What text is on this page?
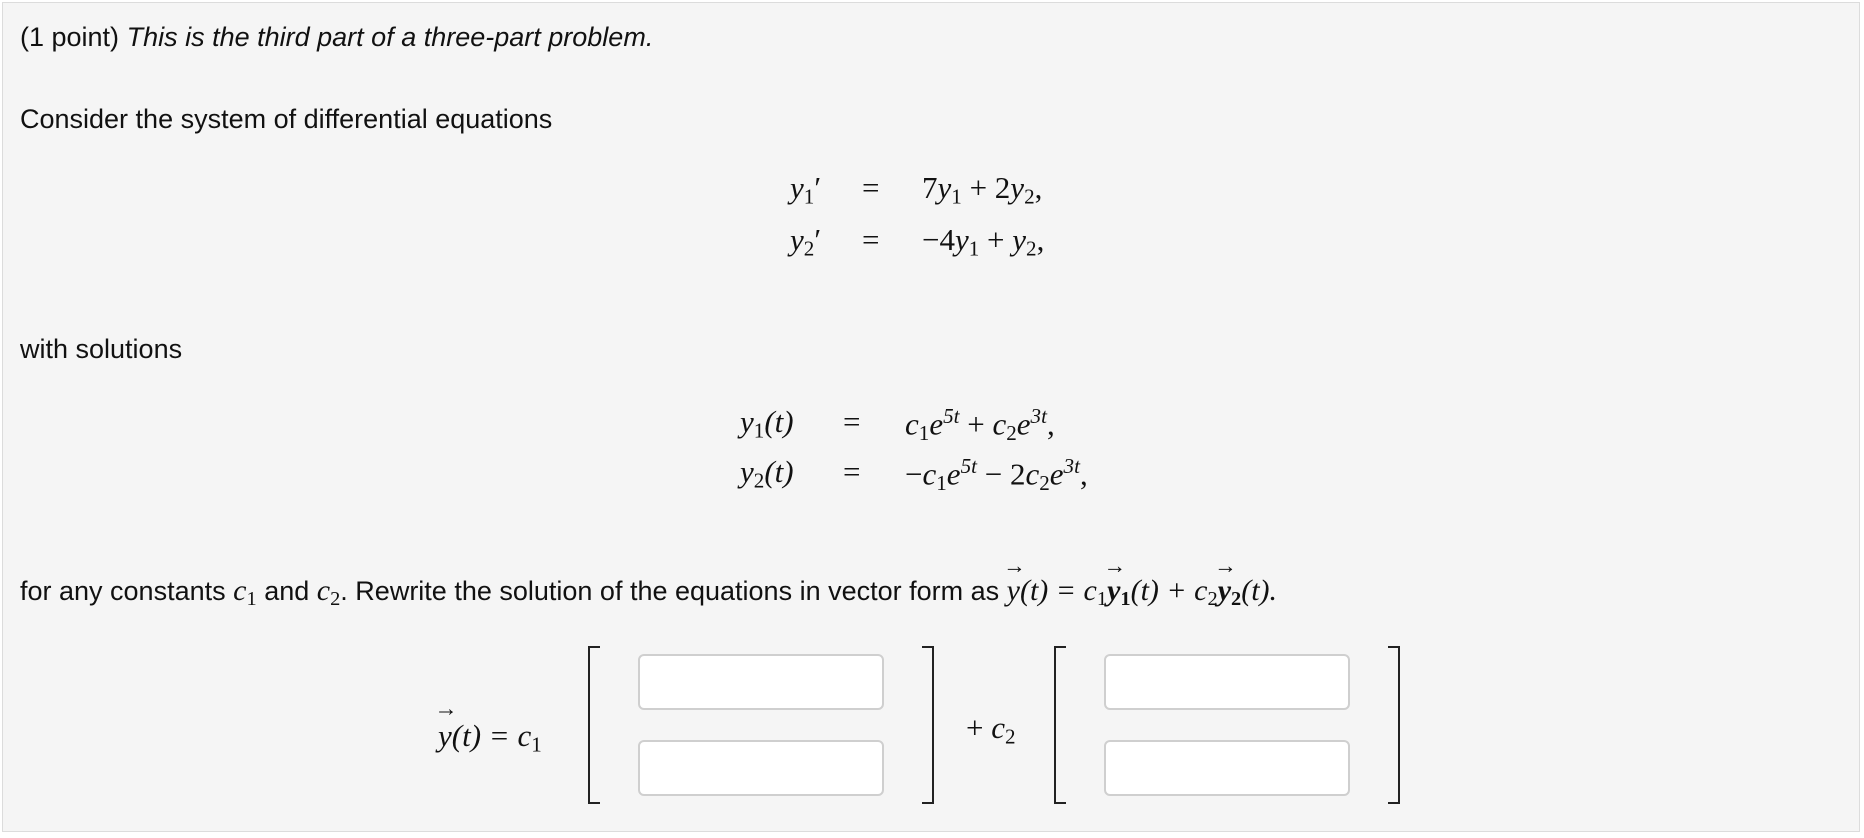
(1 point) This is the third part of a three-part problem.
Consider the system of differential equations
$y_1' = 7y_1 + 2y_2$,
$y_2' = -4y_1 + y_2$,
with solutions
$y_1(t) = c_1e^{5t} + c_2e^{3t}$,
$y_2(t) = -c_1e^{5t} - 2c_2e^{3t}$,
for any constants $c_1$ and $c_2$. Rewrite the solution of the equations in vector form as → $y(t) = c_1\to y_1(t) + c_2\to y_2(t)$.
→ $y(t) = c_1$	+ $c_2$
